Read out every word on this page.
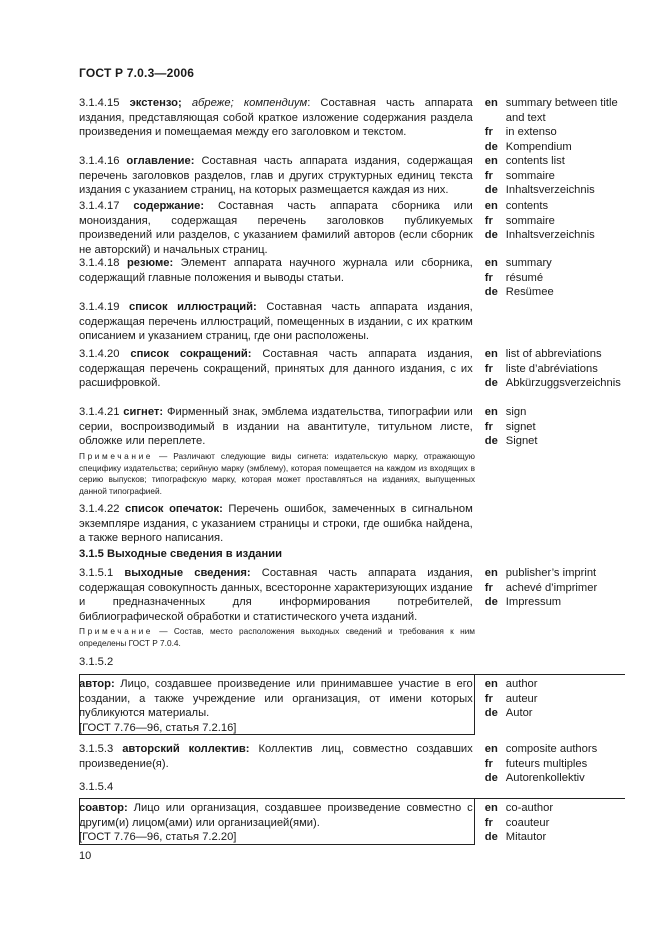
ГОСТ Р 7.0.3—2006
3.1.4.15 экстензо; абреже; компендиум: Составная часть аппарата издания, представляющая собой краткое изложение содержания раздела произведения и помещаемая между его заголовком и текстом.
en summary between title and text
fr	in extenso
de Kompendium
3.1.4.16 оглавление: Составная часть аппарата издания, содержащая перечень заголовков разделов, глав и других структурных единиц текста издания с указанием страниц, на которых размещается каждая из них.
en contents list
fr	sommaire
de Inhaltsverzeichnis
3.1.4.17 содержание: Составная часть аппарата сборника или моноиздания, содержащая перечень заголовков публикуемых произведений или разделов, с указанием фамилий авторов (если сборник не авторский) и начальных страниц.
en contents
fr	sommaire
de Inhaltsverzeichnis
3.1.4.18 резюме: Элемент аппарата научного журнала или сборника, содержащий главные положения и выводы статьи.
en summary
fr	résumé
de Resümee
3.1.4.19 список иллюстраций: Составная часть аппарата издания, содержащая перечень иллюстраций, помещенных в издании, с их кратким описанием и указанием страниц, где они расположены.
3.1.4.20 список сокращений: Составная часть аппарата издания, содержащая перечень сокращений, принятых для данного издания, с их расшифровкой.
en list of abbreviations
fr	liste d’abréviations
de Abkürzuggsverzeichnis
3.1.4.21 сигнет: Фирменный знак, эмблема издательства, типографии или серии, воспроизводимый в издании на авантитуле, титульном листе, обложке или переплете.
en sign
fr	signet
de Signet
Примечание — Различают следующие виды сигнета: издательскую марку, отражающую специфику издательства; серийную марку (эмблему), которая помещается на каждом из входящих в серию выпусков; типографскую марку, которая может проставляться на изданиях, выпущенных данной типографией.
3.1.4.22 список опечаток: Перечень ошибок, замеченных в сигнальном экземпляре издания, с указанием страницы и строки, где ошибка найдена, а также верного написания.
3.1.5 Выходные сведения в издании
3.1.5.1 выходные сведения: Составная часть аппарата издания, содержащая совокупность данных, всесторонне характеризующих издание и предназначенных для информирования потребителей, библиографической обработки и статистического учета изданий.
en publisher’s imprint
fr	achevé d’imprimer
de Impressum
Примечание — Состав, место расположения выходных сведений и требования к ним определены ГОСТ Р 7.0.4.
3.1.5.2
автор: Лицо, создавшее произведение или принимавшее участие в его создании, а также учреждение или организация, от имени которых публикуются материалы.
[ГОСТ 7.76—96, статья 7.2.16]
en author
fr	auteur
de Autor
3.1.5.3 авторский коллектив: Коллектив лиц, совместно создавших произведение(я).
en composite authors
fr	futeurs multiples
de Autorenkollektiv
3.1.5.4
соавтор: Лицо или организация, создавшее произведение совместно с другим(и) лицом(ами) или организацией(ями).
[ГОСТ 7.76—96, статья 7.2.20]
en co-author
fr	coauteur
de Mitautor
10
